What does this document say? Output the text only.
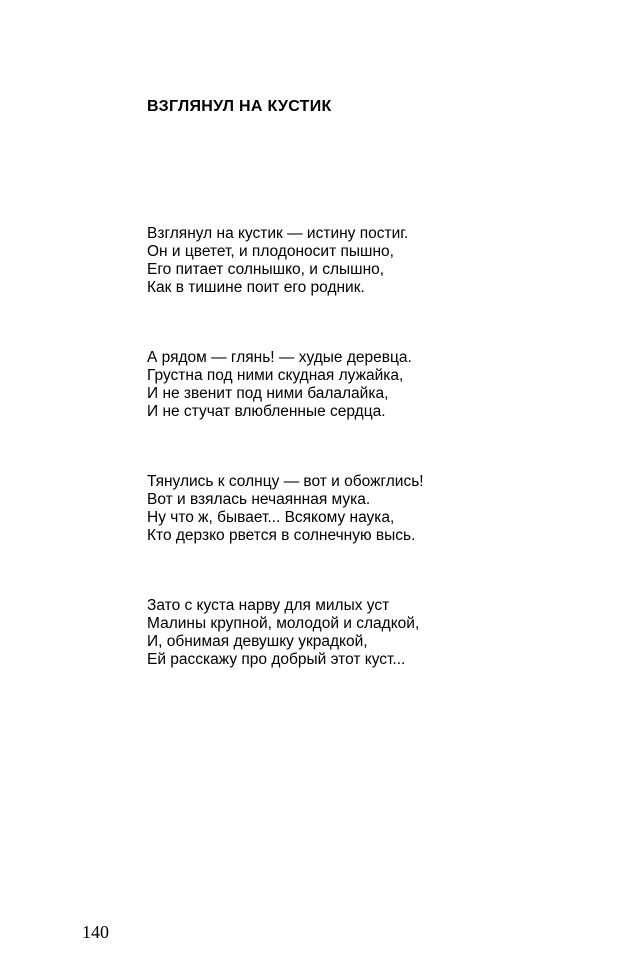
ВЗГЛЯНУЛ НА КУСТИК
Взглянул на кустик — истину постиг.
Он и цветет, и плодоносит пышно,
Его питает солнышко, и слышно,
Как в тишине поит его родник.
А рядом — глянь! — худые деревца.
Грустна под ними скудная лужайка,
И не звенит под ними балалайка,
И не стучат влюбленные сердца.
Тянулись к солнцу — вот и обожглись!
Вот и взялась нечаянная мука.
Ну что ж, бывает... Всякому наука,
Кто дерзко рвется в солнечную высь.
Зато с куста нарву для милых уст
Малины крупной, молодой и сладкой,
И, обнимая девушку украдкой,
Ей расскажу про добрый этот куст...
140
